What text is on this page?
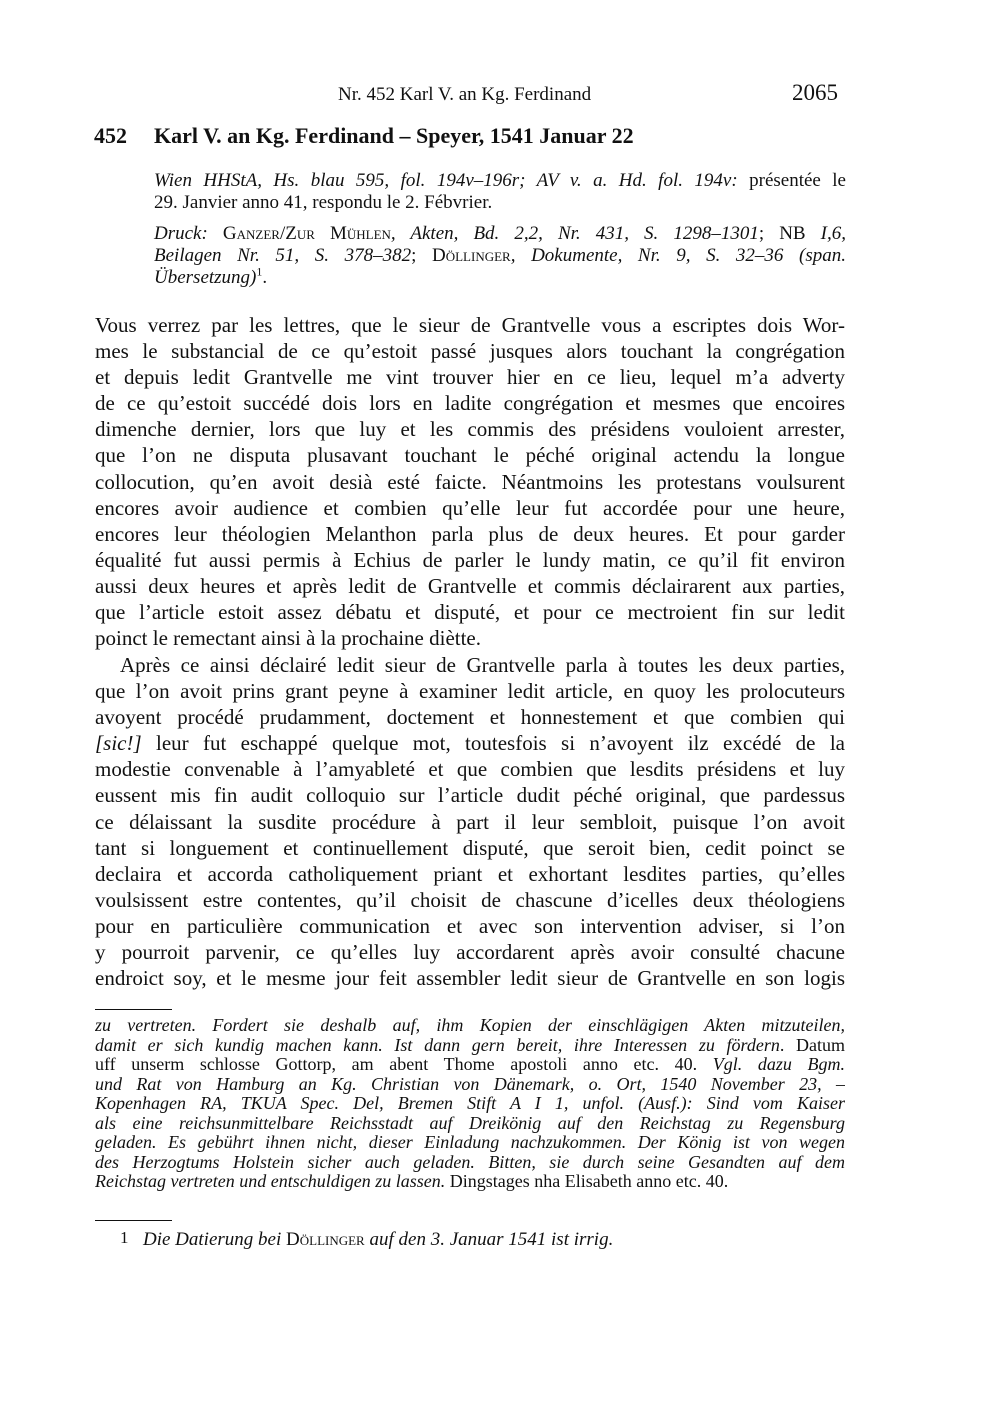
Nr. 452 Karl V. an Kg. Ferdinand	2065
452 Karl V. an Kg. Ferdinand – Speyer, 1541 Januar 22
Wien HHStA, Hs. blau 595, fol. 194v–196r; AV v. a. Hd. fol. 194v: présentée le
29. Janvier anno 41, respondu le 2. Fébvrier.
Druck: Ganzer/Zur Mühlen, Akten, Bd. 2,2, Nr. 431, S. 1298–1301; NB I,6,
Beilagen Nr. 51, S. 378–382; Döllinger, Dokumente, Nr. 9, S. 32–36 (span.
Übersetzung)$^1$.
Vous verrez par les lettres, que le sieur de Grantvelle vous a escriptes dois Wor-
mes le substancial de ce qu’estoit passé jusques alors touchant la congrégation
et depuis ledit Grantvelle me vint trouver hier en ce lieu, lequel m’a adverty
de ce qu’estoit succédé dois lors en ladite congrégation et mesmes que encoires
dimenche dernier, lors que luy et les commis des présidens vouloient arrester,
que l’on ne disputa plusavant touchant le péché original actendu la longue
collocution, qu’en avoit desià esté faicte. Néantmoins les protestans voulsurent
encores avoir audience et combien qu’elle leur fut accordée pour une heure,
encores leur théologien Melanthon parla plus de deux heures. Et pour garder
équalité fut aussi permis à Echius de parler le lundy matin, ce qu’il fit environ
aussi deux heures et après ledit de Grantvelle et commis déclairarent aux parties,
que l’article estoit assez débatu et disputé, et pour ce mectroient fin sur ledit
poinct le remectant ainsi à la prochaine diètte.
Après ce ainsi déclairé ledit sieur de Grantvelle parla à toutes les deux parties,
que l’on avoit prins grant peyne à examiner ledit article, en quoy les prolocuteurs
avoyent procédé prudamment, doctement et honnestement et que combien qui
[sic!] leur fut eschappé quelque mot, toutesfois si n’avoyent ilz excédé de la
modestie convenable à l’amyableté et que combien que lesdits présidens et luy
eussent mis fin audit colloquio sur l’article dudit péché original, que pardessus
ce délaissant la susdite procédure à part il leur sembloit, puisque l’on avoit
tant si longuement et continuellement disputé, que seroit bien, cedit poinct se
declaira et accorda catholiquement priant et exhortant lesdites parties, qu’elles
voulsissent estre contentes, qu’il choisit de chascune d’icelles deux théologiens
pour en particulière communication et avec son intervention adviser, si l’on
y pourroit parvenir, ce qu’elles luy accordarent après avoir consulté chacune
endroict soy, et le mesme jour feit assembler ledit sieur de Grantvelle en son logis
zu vertreten. Fordert sie deshalb auf, ihm Kopien der einschlägigen Akten mitzuteilen,
damit er sich kundig machen kann. Ist dann gern bereit, ihre Interessen zu fördern. Datum
uff unserm schlosse Gottorp, am abent Thome apostoli anno etc. 40. Vgl. dazu Bgm.
und Rat von Hamburg an Kg. Christian von Dänemark, o. Ort, 1540 November 23, –
Kopenhagen RA, TKUA Spec. Del, Bremen Stift A I 1, unfol. (Ausf.): Sind vom Kaiser
als eine reichsunmittelbare Reichsstadt auf Dreikönig auf den Reichstag zu Regensburg
geladen. Es gebührt ihnen nicht, dieser Einladung nachzukommen. Der König ist von wegen
des Herzogtums Holstein sicher auch geladen. Bitten, sie durch seine Gesandten auf dem
Reichstag vertreten und entschuldigen zu lassen. Dingstages nha Elisabeth anno etc. 40.
1 Die Datierung bei Döllinger auf den 3. Januar 1541 ist irrig.
